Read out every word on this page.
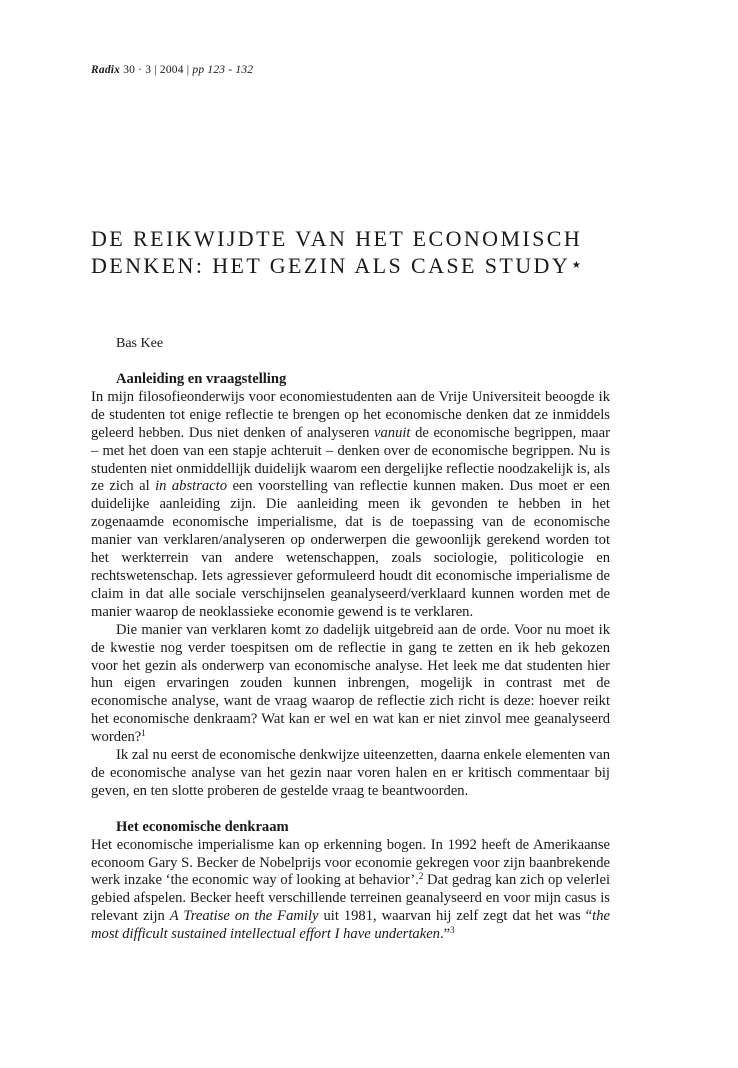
Radix 30 · 3 | 2004 | pp 123 - 132
DE REIKWIJDTE VAN HET ECONOMISCH DENKEN: HET GEZIN ALS CASE STUDY⋆
Bas Kee

Aanleiding en vraagstelling

In mijn filosofieonderwijs voor economiestudenten aan de Vrije Universiteit beoogde ik de studenten tot enige reflectie te brengen op het economische denken dat ze inmiddels geleerd hebben. Dus niet denken of analyseren vanuit de economische begrippen, maar – met het doen van een stapje achteruit – denken over de economische begrippen. Nu is studenten niet onmiddellijk duidelijk waarom een dergelijke reflectie noodzakelijk is, als ze zich al in abstracto een voorstelling van reflectie kunnen maken. Dus moet er een duidelijke aanleiding zijn. Die aanleiding meen ik gevonden te hebben in het zogenaamde economische imperialisme, dat is de toepassing van de economische manier van verklaren/analyseren op onderwerpen die gewoonlijk gerekend worden tot het werkterrein van andere wetenschappen, zoals sociologie, politicologie en rechtswetenschap. Iets agressiever geformuleerd houdt dit economische imperialisme de claim in dat alle sociale verschijnselen geanalyseerd/verklaard kunnen worden met de manier waarop de neoklassieke economie gewend is te verklaren.

Die manier van verklaren komt zo dadelijk uitgebreid aan de orde. Voor nu moet ik de kwestie nog verder toespitsen om de reflectie in gang te zetten en ik heb gekozen voor het gezin als onderwerp van economische analyse. Het leek me dat studenten hier hun eigen ervaringen zouden kunnen inbrengen, mogelijk in contrast met de economische analyse, want de vraag waarop de reflectie zich richt is deze: hoever reikt het economische denkraam? Wat kan er wel en wat kan er niet zinvol mee geanalyseerd worden?$^1$

Ik zal nu eerst de economische denkwijze uiteenzetten, daarna enkele elementen van de economische analyse van het gezin naar voren halen en er kritisch commentaar bij geven, en ten slotte proberen de gestelde vraag te beantwoorden.

Het economische denkraam

Het economische imperialisme kan op erkenning bogen. In 1992 heeft de Amerikaanse econoom Gary S. Becker de Nobelprijs voor economie gekregen voor zijn baanbrekende werk inzake ‘the economic way of looking at behavior’.$^2$ Dat gedrag kan zich op velerlei gebied afspelen. Becker heeft verschillende terreinen geanalyseerd en voor mijn casus is relevant zijn A Treatise on the Family uit 1981, waarvan hij zelf zegt dat het was “the most difficult sustained intellectual effort I have undertaken.”$^3$
